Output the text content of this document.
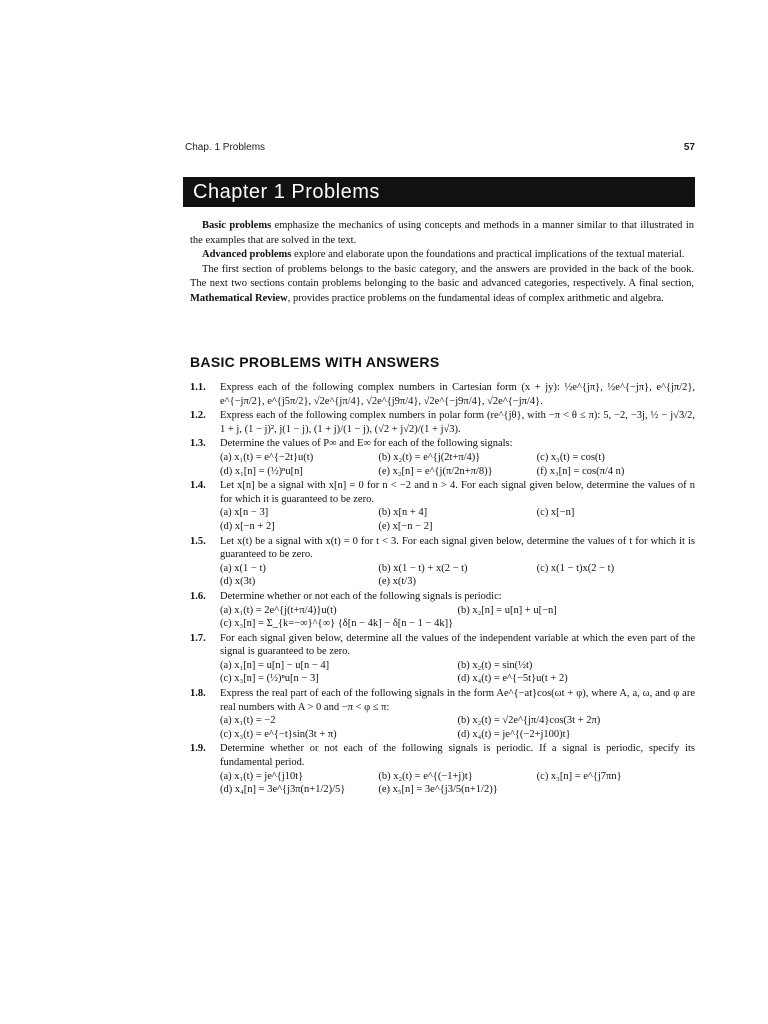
Chap. 1 Problems	57
Chapter 1 Problems

Basic problems emphasize the mechanics of using concepts and methods in a manner similar to that illustrated in the examples that are solved in the text.

Advanced problems explore and elaborate upon the foundations and practical implications of the textual material.

The first section of problems belongs to the basic category, and the answers are provided in the back of the book. The next two sections contain problems belonging to the basic and advanced categories, respectively. A final section, Mathematical Review, provides practice problems on the fundamental ideas of complex arithmetic and algebra.

BASIC PROBLEMS WITH ANSWERS
1.1. Express each of the following complex numbers in Cartesian form (x + jy): ½e^{jπ}, ½e^{−jπ}, e^{jπ/2}, e^{−jπ/2}, e^{j5π/2}, √2e^{jπ/4}, √2e^{j9π/4}, √2e^{−j9π/4}, √2e^{−jπ/4}.
1.2. Express each of the following complex numbers in polar form (re^{jθ}, with −π < θ ≤ π): 5, −2, −3j, ½ − j√3/2, 1 + j, (1 − j)², j(1 − j), (1 + j)/(1 − j), (√2 + j√2)/(1 + j√3).
1.3. Determine the values of P∞ and E∞ for each of the following signals:
(a) x₁(t) = e^{−2t}u(t)	(b) x₂(t) = e^{j(2t+π/4)}	(c) x₃(t) = cos(t)
(d) x₁[n] = (½)ⁿu[n]	(e) x₂[n] = e^{j(π/2n+π/8)}	(f) x₃[n] = cos(π/4 n)
1.4. Let x[n] be a signal with x[n] = 0 for n < −2 and n > 4. For each signal given below, determine the values of n for which it is guaranteed to be zero.
(a) x[n − 3]	(b) x[n + 4]	(c) x[−n]
(d) x[−n + 2]	(e) x[−n − 2]
1.5. Let x(t) be a signal with x(t) = 0 for t < 3. For each signal given below, determine the values of t for which it is guaranteed to be zero.
(a) x(1 − t)	(b) x(1 − t) + x(2 − t)	(c) x(1 − t)x(2 − t)
(d) x(3t)	(e) x(t/3)
1.6. Determine whether or not each of the following signals is periodic:
(a) x₁(t) = 2e^{j(t+π/4)}u(t)	(b) x₂[n] = u[n] + u[−n]
(c) x₃[n] = Σ_{k=−∞}^{∞} {δ[n − 4k] − δ[n − 1 − 4k]}
1.7. For each signal given below, determine all the values of the independent variable at which the even part of the signal is guaranteed to be zero.
(a) x₁[n] = u[n] − u[n − 4]	(b) x₂(t) = sin(½t)
(c) x₃[n] = (½)ⁿu[n − 3]	(d) x₄(t) = e^{−5t}u(t + 2)
1.8. Express the real part of each of the following signals in the form Ae^{−at}cos(ωt + φ), where A, a, ω, and φ are real numbers with A > 0 and −π < φ ≤ π:
(a) x₁(t) = −2	(b) x₂(t) = √2e^{jπ/4}cos(3t + 2π)
(c) x₃(t) = e^{−t}sin(3t + π)	(d) x₄(t) = je^{(−2+j100)t}
1.9. Determine whether or not each of the following signals is periodic. If a signal is periodic, specify its fundamental period.
(a) x₁(t) = je^{j10t}	(b) x₂(t) = e^{(−1+j)t}	(c) x₃[n] = e^{j7πn}
(d) x₄[n] = 3e^{j3π(n+1/2)/5}	(e) x₅[n] = 3e^{j3/5(n+1/2)}
